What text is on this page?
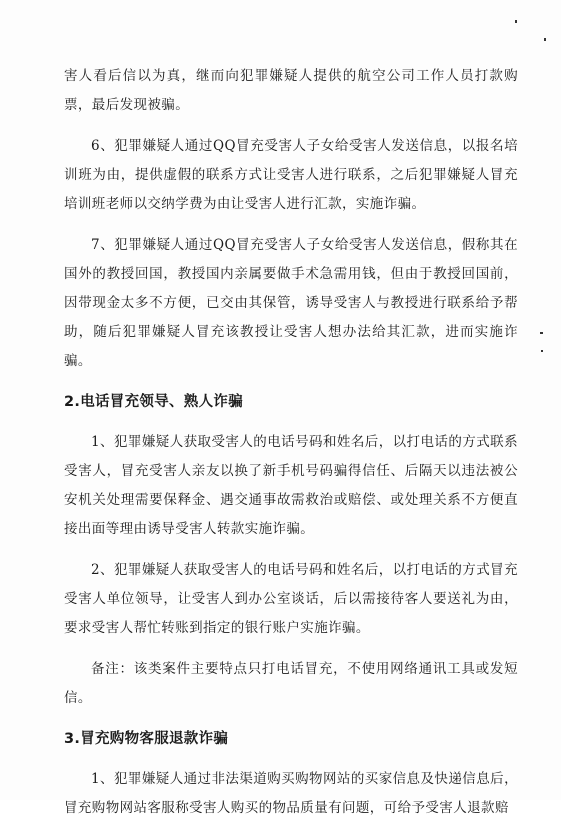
害人看后信以为真，继而向犯罪嫌疑人提供的航空公司工作人员打款购票，最后发现被骗。

6、犯罪嫌疑人通过QQ冒充受害人子女给受害人发送信息，以报名培训班为由，提供虚假的联系方式让受害人进行联系，之后犯罪嫌疑人冒充培训班老师以交纳学费为由让受害人进行汇款，实施诈骗。

7、犯罪嫌疑人通过QQ冒充受害人子女给受害人发送信息，假称其在国外的教授回国，教授国内亲属要做手术急需用钱，但由于教授回国前，因带现金太多不方便，已交由其保管，诱导受害人与教授进行联系给予帮助，随后犯罪嫌疑人冒充该教授让受害人想办法给其汇款，进而实施诈骗。

2.电话冒充领导、熟人诈骗

1、犯罪嫌疑人获取受害人的电话号码和姓名后，以打电话的方式联系受害人，冒充受害人亲友以换了新手机号码骗得信任、后隔天以违法被公安机关处理需要保释金、遇交通事故需救治或赔偿、或处理关系不方便直接出面等理由诱导受害人转款实施诈骗。

2、犯罪嫌疑人获取受害人的电话号码和姓名后，以打电话的方式冒充受害人单位领导，让受害人到办公室谈话，后以需接待客人要送礼为由，要求受害人帮忙转账到指定的银行账户实施诈骗。

备注：该类案件主要特点只打电话冒充，不使用网络通讯工具或发短信。

3.冒充购物客服退款诈骗

1、犯罪嫌疑人通过非法渠道购买购物网站的买家信息及快递信息后，冒充购物网站客服称受害人购买的物品质量有问题，可给予受害人退款赔
